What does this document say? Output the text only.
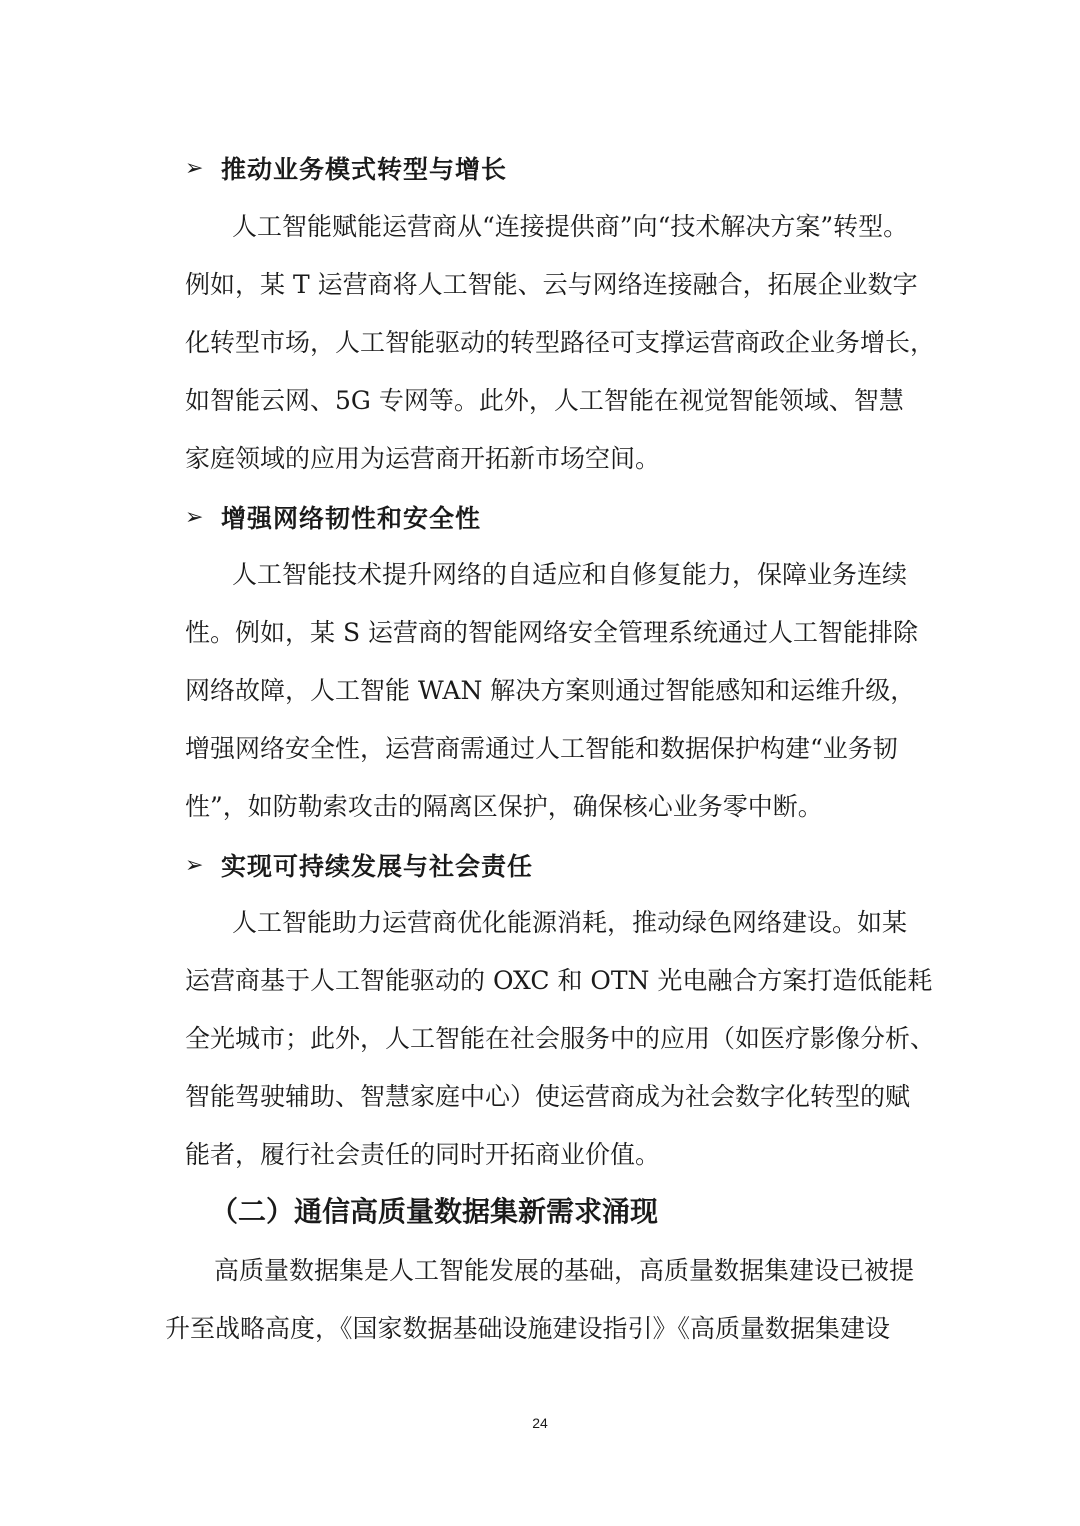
➢ 推动业务模式转型与增长
人工智能赋能运营商从“连接提供商”向“技术解决方案”转型。
例如，某 T 运营商将人工智能、云与网络连接融合，拓展企业数字
化转型市场，人工智能驱动的转型路径可支撑运营商政企业务增长，
如智能云网、5G 专网等。此外，人工智能在视觉智能领域、智慧
家庭领域的应用为运营商开拓新市场空间。
➢ 增强网络韧性和安全性
人工智能技术提升网络的自适应和自修复能力，保障业务连续
性。例如，某 S 运营商的智能网络安全管理系统通过人工智能排除
网络故障，人工智能 WAN 解决方案则通过智能感知和运维升级，
增强网络安全性，运营商需通过人工智能和数据保护构建“业务韧
性”，如防勒索攻击的隔离区保护，确保核心业务零中断。
➢ 实现可持续发展与社会责任
人工智能助力运营商优化能源消耗，推动绿色网络建设。如某
运营商基于人工智能驱动的 OXC 和 OTN 光电融合方案打造低能耗
全光城市；此外，人工智能在社会服务中的应用（如医疗影像分析、
智能驾驶辅助、智慧家庭中心）使运营商成为社会数字化转型的赋
能者，履行社会责任的同时开拓商业价值。
（二）通信高质量数据集新需求涌现
高质量数据集是人工智能发展的基础，高质量数据集建设已被提
升至战略高度，《国家数据基础设施建设指引》《高质量数据集建设
24
